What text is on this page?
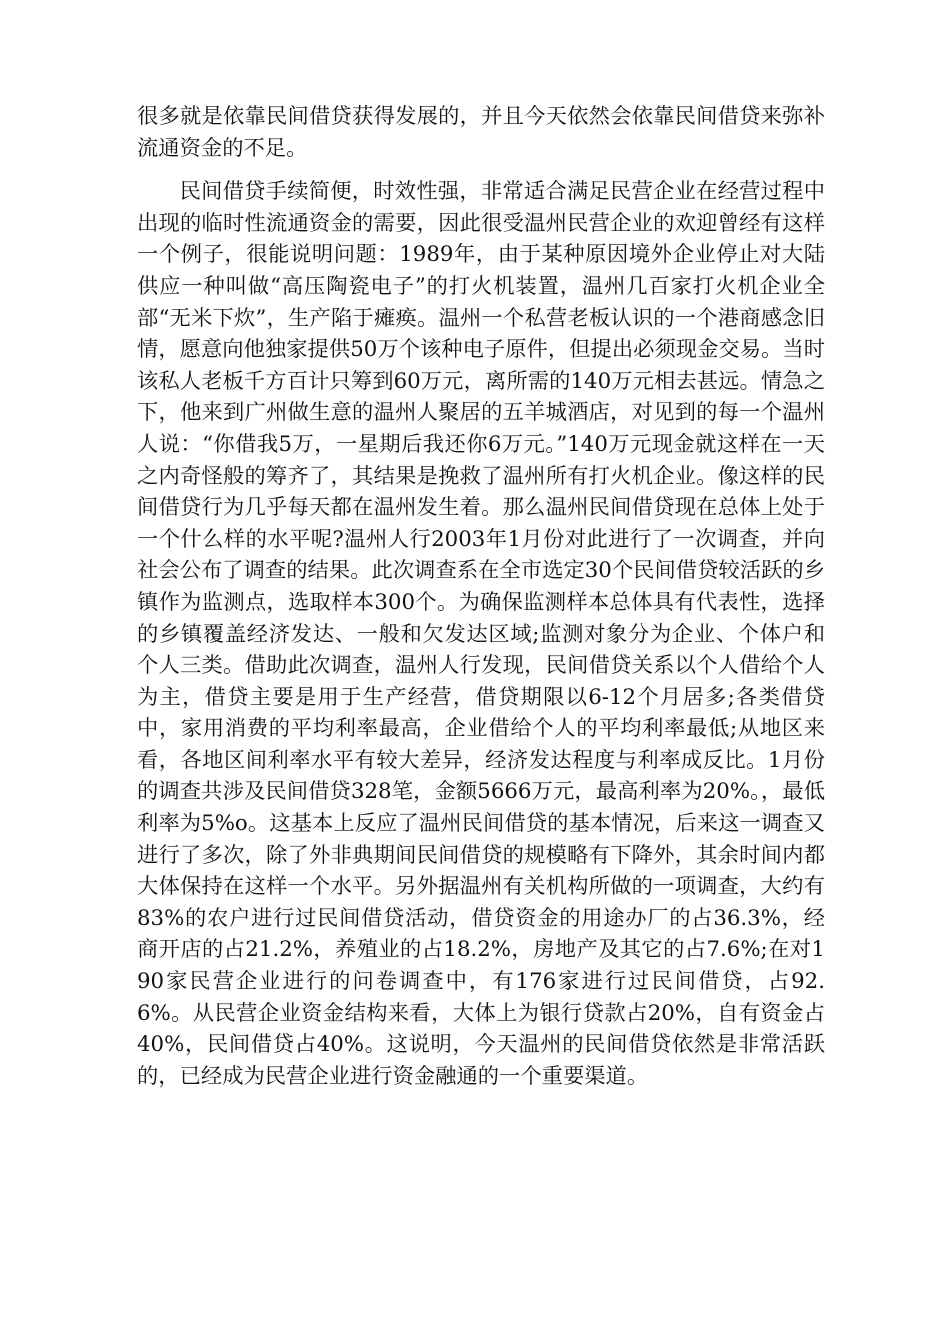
很多就是依靠民间借贷获得发展的，并且今天依然会依靠民间借贷来弥补流通资金的不足。

民间借贷手续简便，时效性强，非常适合满足民营企业在经营过程中出现的临时性流通资金的需要，因此很受温州民营企业的欢迎曾经有这样一个例子，很能说明问题：1989年，由于某种原因境外企业停止对大陆供应一种叫做“高压陶瓷电子”的打火机装置，温州几百家打火机企业全部“无米下炊”，生产陷于瘫痪。温州一个私营老板认识的一个港商感念旧情，愿意向他独家提供50万个该种电子原件，但提出必须现金交易。当时该私人老板千方百计只筹到60万元，离所需的140万元相去甚远。情急之下，他来到广州做生意的温州人聚居的五羊城酒店，对见到的每一个温州人说：“你借我5万，一星期后我还你6万元。”140万元现金就这样在一天之内奇怪般的筹齐了，其结果是挽救了温州所有打火机企业。像这样的民间借贷行为几乎每天都在温州发生着。那么温州民间借贷现在总体上处于一个什么样的水平呢?温州人行2003年1月份对此进行了一次调查，并向社会公布了调查的结果。此次调查系在全市选定30个民间借贷较活跃的乡镇作为监测点，选取样本300个。为确保监测样本总体具有代表性，选择的乡镇覆盖经济发达、一般和欠发达区域;监测对象分为企业、个体户和个人三类。借助此次调查，温州人行发现，民间借贷关系以个人借给个人为主，借贷主要是用于生产经营，借贷期限以6-12个月居多;各类借贷中，家用消费的平均利率最高，企业借给个人的平均利率最低;从地区来看，各地区间利率水平有较大差异，经济发达程度与利率成反比。1月份的调查共涉及民间借贷328笔，金额5666万元，最高利率为20%。，最低利率为5%o。这基本上反应了温州民间借贷的基本情况，后来这一调查又进行了多次，除了外非典期间民间借贷的规模略有下降外，其余时间内都大体保持在这样一个水平。另外据温州有关机构所做的一项调查，大约有83%的农户进行过民间借贷活动，借贷资金的用途办厂的占36.3%，经商开店的占21.2%，养殖业的占18.2%，房地产及其它的占7.6%;在对190家民营企业进行的问卷调查中，有176家进行过民间借贷，占92.6%。从民营企业资金结构来看，大体上为银行贷款占20%，自有资金占40%，民间借贷占40%。这说明，今天温州的民间借贷依然是非常活跃的，已经成为民营企业进行资金融通的一个重要渠道。
